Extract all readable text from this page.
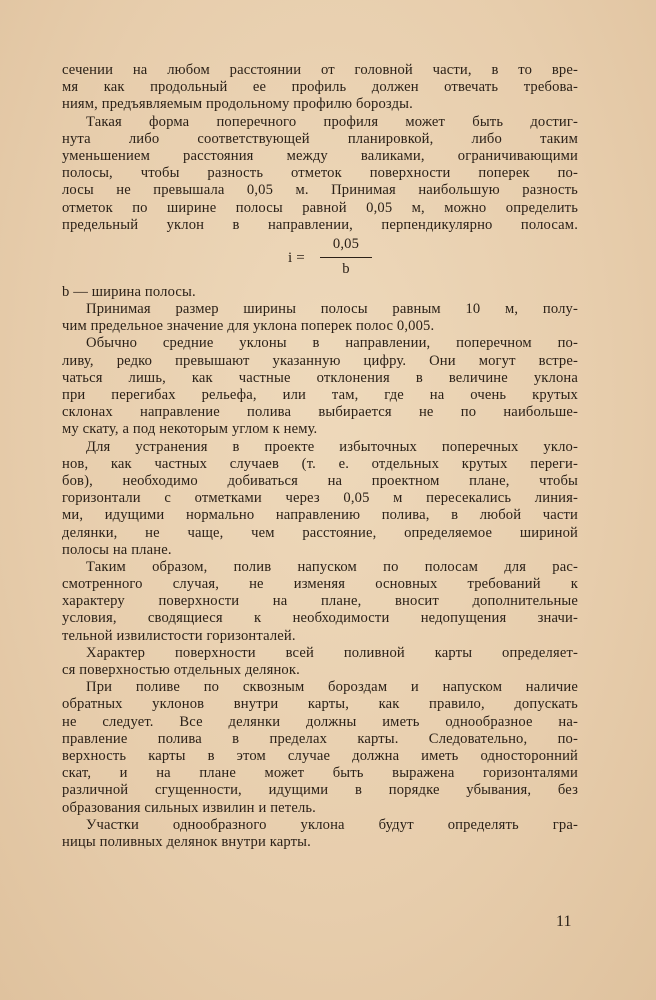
сечении на любом расстоянии от головной части, в то вре-
мя как продольный ее профиль должен отвечать требова-
ниям, предъявляемым продольному профилю борозды.
Такая форма поперечного профиля может быть достиг-
нута либо соответствующей планировкой, либо таким
уменьшением расстояния между валиками, ограничивающими
полосы, чтобы разность отметок поверхности поперек по-
лосы не превышала 0,05 м. Принимая наибольшую разность
отметок по ширине полосы равной 0,05 м, можно определить
предельный уклон в направлении, перпендикулярно полосам.
i =
0,05
b
b — ширина полосы.
Принимая размер ширины полосы равным 10 м, полу-
чим предельное значение для уклона поперек полос 0,005.
Обычно средние уклоны в направлении, поперечном по-
ливу, редко превышают указанную цифру. Они могут встре-
чаться лишь, как частные отклонения в величине уклона
при перегибах рельефа, или там, где на очень крутых
склонах направление полива выбирается не по наибольше-
му скату, а под некоторым углом к нему.
Для устранения в проекте избыточных поперечных укло-
нов, как частных случаев (т. е. отдельных крутых переги-
бов), необходимо добиваться на проектном плане, чтобы
горизонтали с отметками через 0,05 м пересекались линия-
ми, идущими нормально направлению полива, в любой части
делянки, не чаще, чем расстояние, определяемое шириной
полосы на плане.
Таким образом, полив напуском по полосам для рас-
смотренного случая, не изменяя основных требований к
характеру поверхности на плане, вносит дополнительные
условия, сводящиеся к необходимости недопущения значи-
тельной извилистости горизонталей.
Характер поверхности всей поливной карты определяет-
ся поверхностью отдельных делянок.
При поливе по сквозным бороздам и напуском наличие
обратных уклонов внутри карты, как правило, допускать
не следует. Все делянки должны иметь однообразное на-
правление полива в пределах карты. Следовательно, по-
верхность карты в этом случае должна иметь односторонний
скат, и на плане может быть выражена горизонталями
различной сгущенности, идущими в порядке убывания, без
образования сильных извилин и петель.
Участки однообразного уклона будут определять гра-
ницы поливных делянок внутри карты.
11
